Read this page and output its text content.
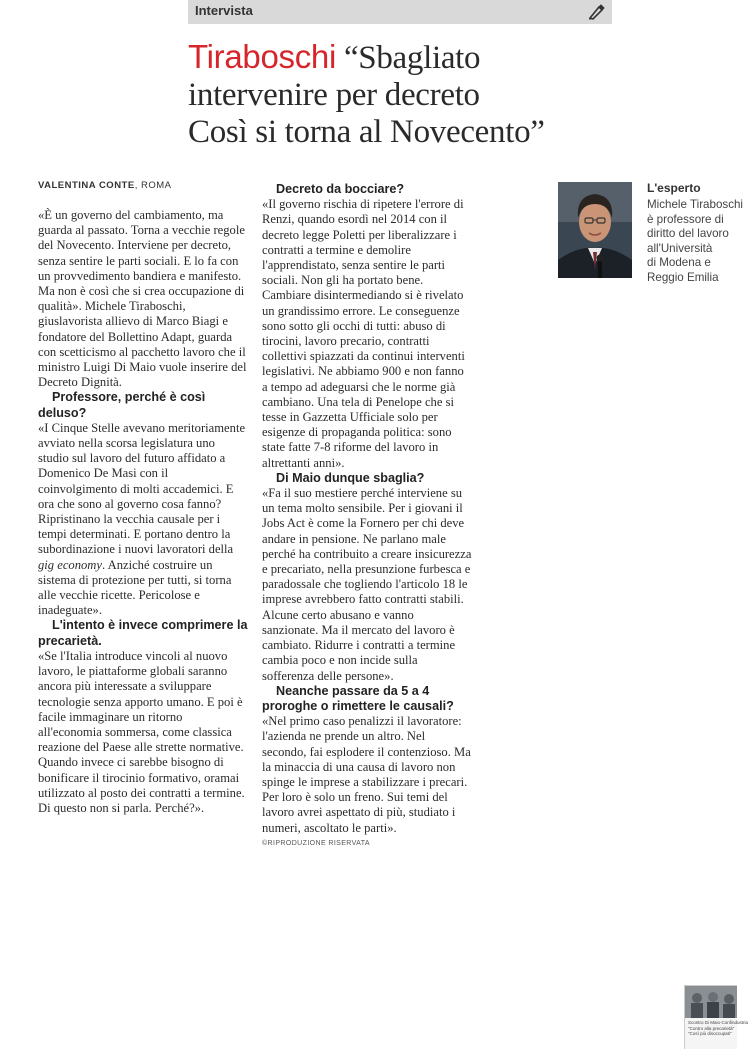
Intervista
Tiraboschi “Sbagliato
intervenire per decreto
Così si torna al Novecento”
VALENTINA CONTE, ROMA

«È un governo del cambiamento, ma guarda al passato. Torna a vecchie regole del Novecento. Interviene per decreto, senza sentire le parti sociali. E lo fa con un provvedimento bandiera e manifesto. Ma non è così che si crea occupazione di qualità». Michele Tiraboschi, giuslavorista allievo di Marco Biagi e fondatore del Bollettino Adapt, guarda con scetticismo al pacchetto lavoro che il ministro Luigi Di Maio vuole inserire del Decreto Dignità.

Professore, perché è così deluso?

«I Cinque Stelle avevano meritoriamente avviato nella scorsa legislatura uno studio sul lavoro del futuro affidato a Domenico De Masi con il coinvolgimento di molti accademici. E ora che sono al governo cosa fanno? Ripristinano la vecchia causale per i tempi determinati. E portano dentro la subordinazione i nuovi lavoratori della gig economy. Anziché costruire un sistema di protezione per tutti, si torna alle vecchie ricette. Pericolose e inadeguate».

L'intento è invece comprimere la precarietà.

«Se l'Italia introduce vincoli al nuovo lavoro, le piattaforme globali saranno ancora più interessate a sviluppare tecnologie senza apporto umano. E poi è facile immaginare un ritorno all'economia sommersa, come classica reazione del Paese alle strette normative. Quando invece ci sarebbe bisogno di bonificare il tirocinio formativo, oramai utilizzato al posto dei contratti a termine. Di questo non si parla. Perché?».

Decreto da bocciare?

«Il governo rischia di ripetere l'errore di Renzi, quando esordì nel 2014 con il decreto legge Poletti per liberalizzare i contratti a termine e demolire l'apprendistato, senza sentire le parti sociali. Non gli ha portato bene. Cambiare disintermediando si è rivelato un grandissimo errore. Le conseguenze sono sotto gli occhi di tutti: abuso di tirocini, lavoro precario, contratti collettivi spiazzati da continui interventi legislativi. Ne abbiamo 900 e non fanno a tempo ad adeguarsi che le norme già cambiano. Una tela di Penelope che si tesse in Gazzetta Ufficiale solo per esigenze di propaganda politica: sono state fatte 7-8 riforme del lavoro in altrettanti anni».

Di Maio dunque sbaglia?

«Fa il suo mestiere perché interviene su un tema molto sensibile. Per i giovani il Jobs Act è come la Fornero per chi deve andare in pensione. Ne parlano male perché ha contribuito a creare insicurezza e precariato, nella presunzione furbesca e paradossale che togliendo l'articolo 18 le imprese avrebbero fatto contratti stabili. Alcune certo abusano e vanno sanzionate. Ma il mercato del lavoro è cambiato. Ridurre i contratti a termine cambia poco e non incide sulla sofferenza delle persone».

Neanche passare da 5 a 4 proroghe o rimettere le causali?

«Nel primo caso penalizzi il lavoratore: l'azienda ne prende un altro. Nel secondo, fai esplodere il contenzioso. Ma la minaccia di una causa di lavoro non spinge le imprese a stabilizzare i precari. Per loro è solo un freno. Sui temi del lavoro avrei aspettato di più, studiato i numeri, ascoltato le parti».

©RIPRODUZIONE RISERVATA

L'esperto
Michele Tiraboschi
è professore di
diritto del lavoro
all'Università
di Modena e
Reggio Emilia
Scontro Di Maio-Confindustria
"Contro alla precarietà"
"Così più disoccupati"
